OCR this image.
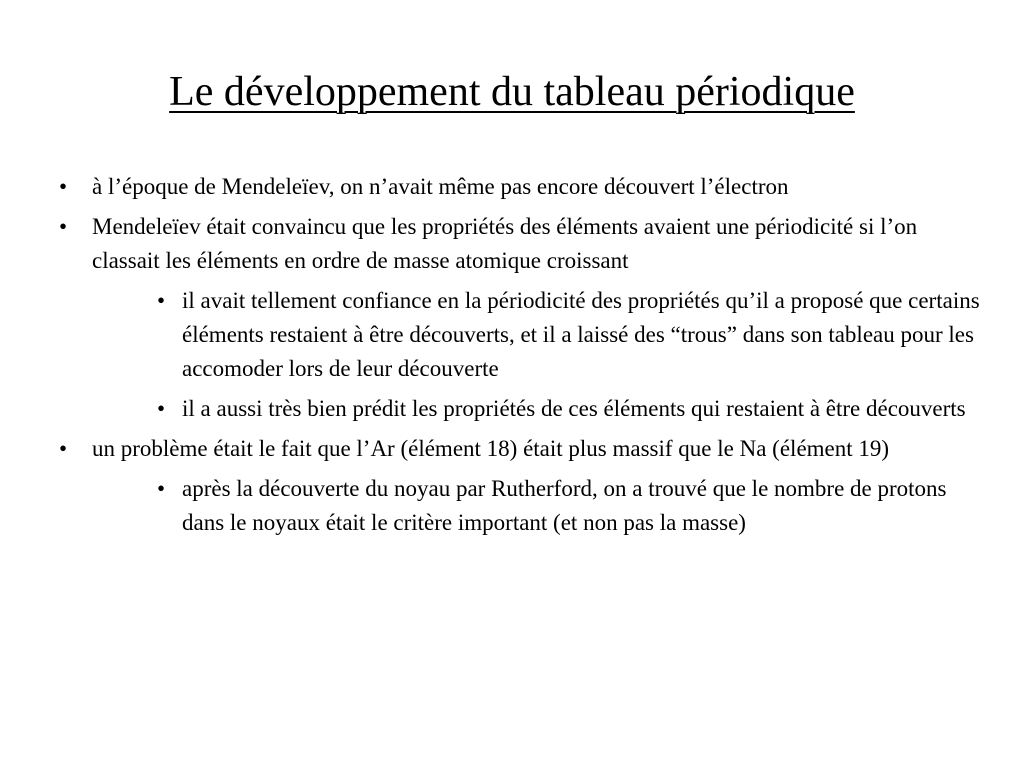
Le développement du tableau périodique
• à l’époque de Mendeleïev, on n’avait même pas encore découvert l’électron
• Mendeleïev était convaincu que les propriétés des éléments avaient une périodicité si l’on classait les éléments en ordre de masse atomique croissant
• il avait tellement confiance en la périodicité des propriétés qu’il a proposé que certains éléments restaient à être découverts, et il a laissé des “trous” dans son tableau pour les accomoder lors de leur découverte
• il a aussi très bien prédit les propriétés de ces éléments qui restaient à être découverts
• un problème était le fait que l’Ar (élément 18) était plus massif que le Na (élément 19)
• après la découverte du noyau par Rutherford, on a trouvé que le nombre de protons dans le noyaux était le critère important (et non pas la masse)
